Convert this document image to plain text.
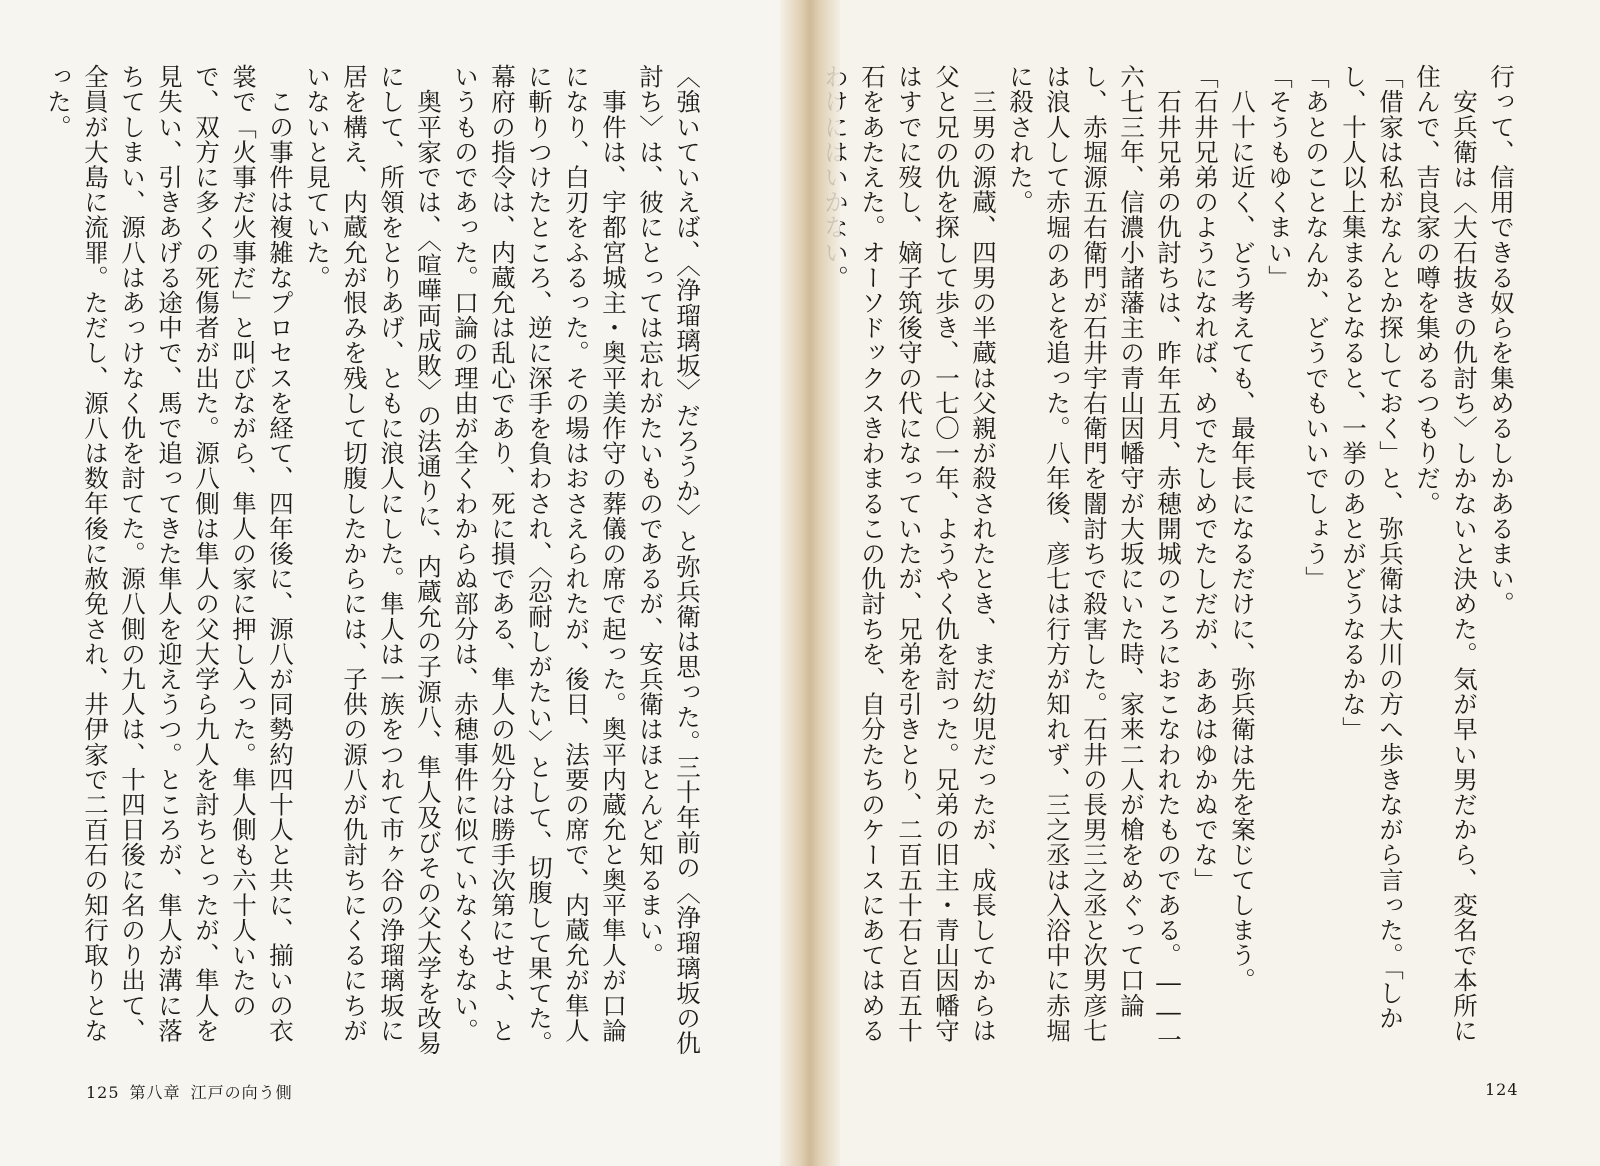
〈強いていえば、〈浄瑠璃坂〉だろうか〉と弥兵衛は思った。三十年前の〈浄瑠璃坂の仇討ち〉は、彼にとっては忘れがたいものであるが、安兵衛はほとんど知るまい。
　事件は、宇都宮城主・奥平美作守の葬儀の席で起った。奥平内蔵允と奥平隼人が口論になり、白刃をふるった。その場はおさえられたが、後日、法要の席で、内蔵允が隼人に斬りつけたところ、逆に深手を負わされ、〈忍耐しがたい〉として、切腹して果てた。幕府の指令は、内蔵允は乱心であり、死に損である、隼人の処分は勝手次第にせよ、というものであった。口論の理由が全くわからぬ部分は、赤穂事件に似ていなくもない。
　奥平家では、〈喧嘩両成敗〉の法通りに、内蔵允の子源八、隼人及びその父大学を改易にして、所領をとりあげ、ともに浪人にした。隼人は一族をつれて市ヶ谷の浄瑠璃坂に居を構え、内蔵允が恨みを残して切腹したからには、子供の源八が仇討ちにくるにちがいないと見ていた。
　この事件は複雑なプロセスを経て、四年後に、源八が同勢約四十人と共に、揃いの衣裳で「火事だ火事だ」と叫びながら、隼人の家に押し入った。隼人側も六十人いたので、双方に多くの死傷者が出た。源八側は隼人の父大学ら九人を討ちとったが、隼人を見失い、引きあげる途中で、馬で追ってきた隼人を迎えうつ。ところが、隼人が溝に落ちてしまい、源八はあっけなく仇を討てた。源八側の九人は、十四日後に名のり出て、全員が大島に流罪。ただし、源八は数年後に赦免され、井伊家で二百石の知行取りとなった。
125 第八章 江戸の向う側
行って、信用できる奴らを集めるしかあるまい。
　安兵衛は〈大石抜きの仇討ち〉しかないと決めた。気が早い男だから、変名で本所に住んで、吉良家の噂を集めるつもりだ。
「借家は私がなんとか探しておく」と、弥兵衛は大川の方へ歩きながら言った。「しかし、十人以上集まるとなると、一挙のあとがどうなるかな」
「あとのことなんか、どうでもいいでしょう」
「そうもゆくまい」
　八十に近く、どう考えても、最年長になるだけに、弥兵衛は先を案じてしまう。
「石井兄弟のようになれば、めでたしめでたしだが、ああはゆかぬでな」
　石井兄弟の仇討ちは、昨年五月、赤穂開城のころにおこなわれたものである。――一六七三年、信濃小諸藩主の青山因幡守が大坂にいた時、家来二人が槍をめぐって口論し、赤堀源五右衛門が石井宇右衛門を闇討ちで殺害した。石井の長男三之丞と次男彦七は浪人して赤堀のあとを追った。八年後、彦七は行方が知れず、三之丞は入浴中に赤堀に殺された。
　三男の源蔵、四男の半蔵は父親が殺されたとき、まだ幼児だったが、成長してからは父と兄の仇を探して歩き、一七〇一年、ようやく仇を討った。兄弟の旧主・青山因幡守はすでに歿し、嫡子筑後守の代になっていたが、兄弟を引きとり、二百五十石と百五十石をあたえた。オーソドックスきわまるこの仇討ちを、自分たちのケースにあてはめる
124
